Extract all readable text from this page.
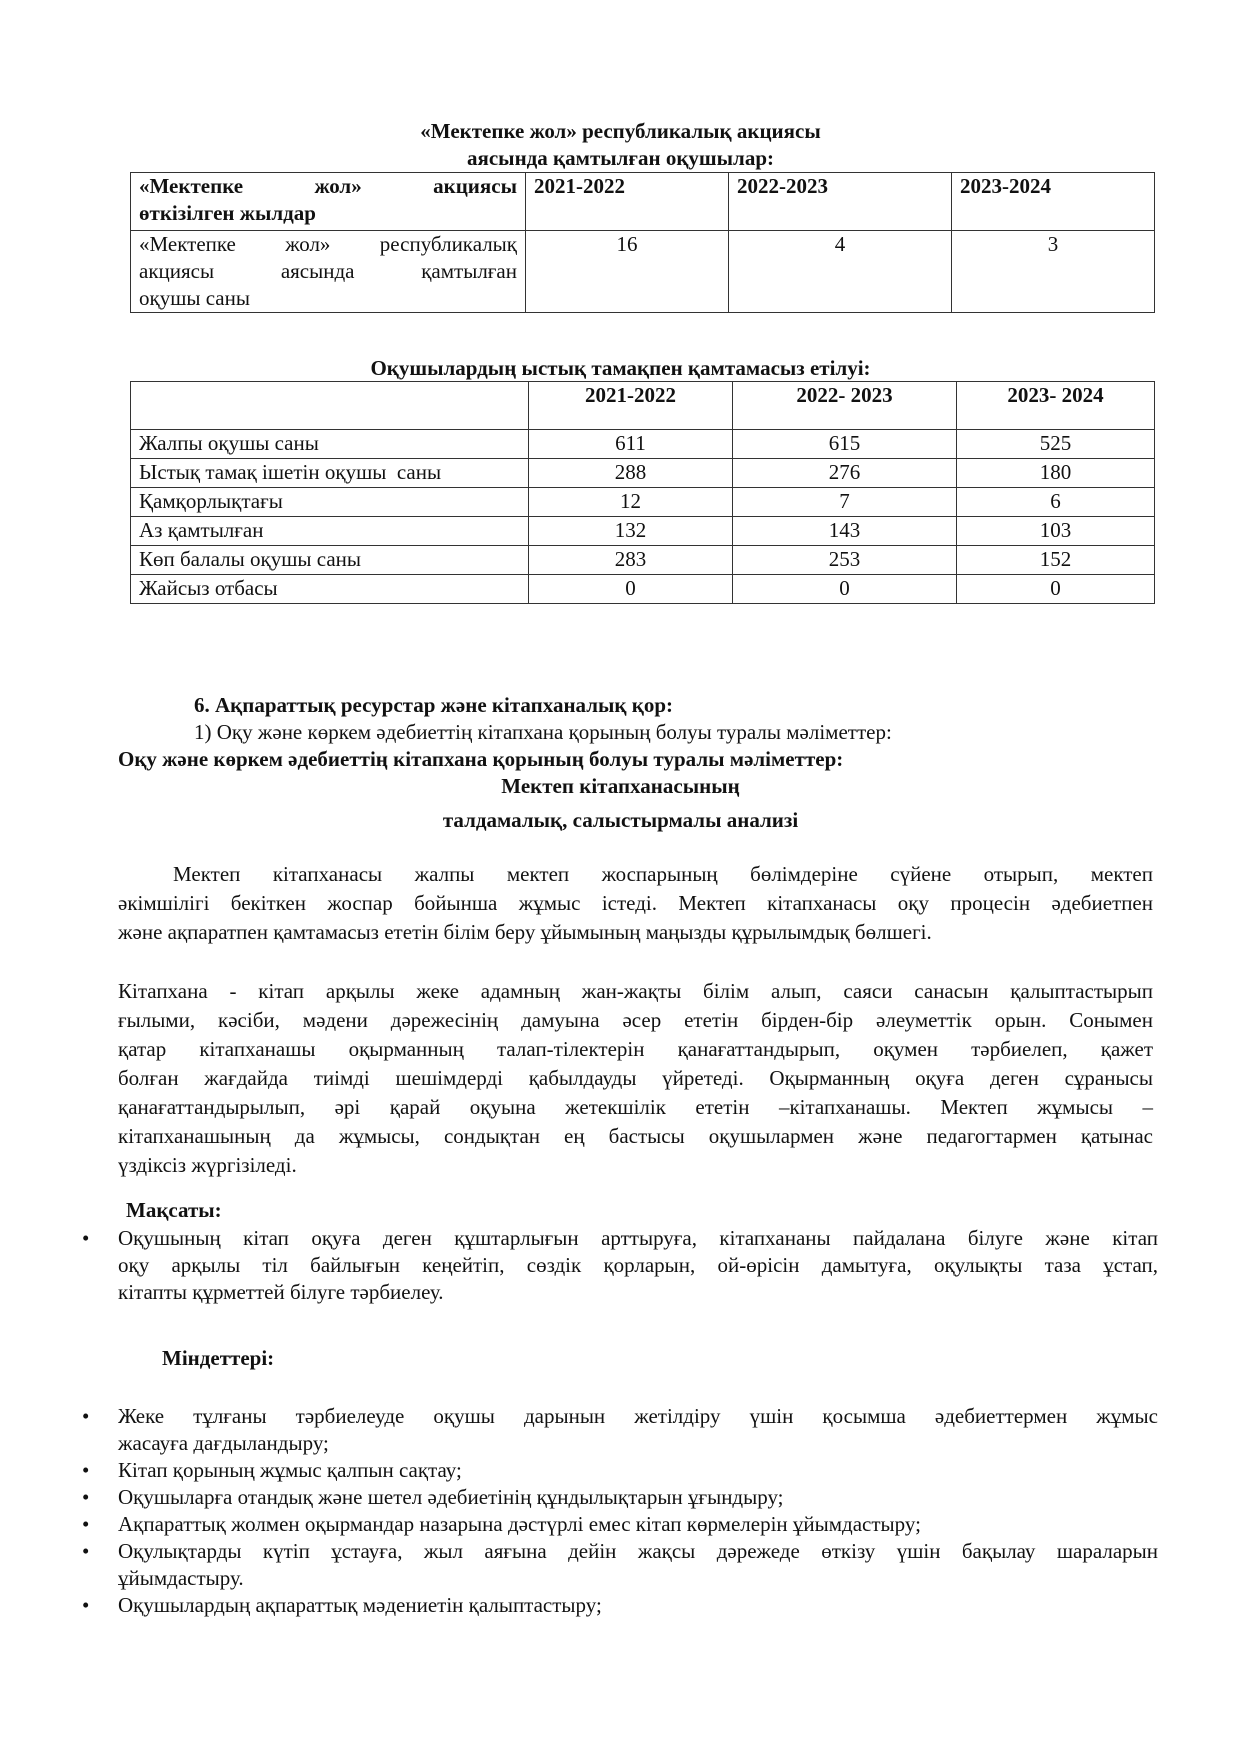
«Мектепке жол» республикалық акциясы
аясында қамтылған оқушылар:
«Мектепке жол» акциясы
өткізілген жылдар	2021-2022	2022-2023	2023-2024

«Мектепке жол» республикалық
акциясы аясында қамтылған
оқушы саны	16	4	3
Оқушылардың ыстық тамақпен қамтамасыз етілуі:
	2021-2022	2022- 2023	2023- 2024
Жалпы оқушы саны	611	615	525
Ыстық тамақ ішетін оқушы  саны	288	276	180
Қамқорлықтағы	12	7	6
Аз қамтылған	132	143	103
Көп балалы оқушы саны	283	253	152
Жайсыз отбасы	0	0	0
6. Ақпараттық ресурстар және кітапханалық қор:
1) Оқу және көркем әдебиеттің кітапхана қорының болуы туралы мәліметтер:
Оқу және көркем әдебиеттің кітапхана қорының болуы туралы мәліметтер:
Мектеп кітапханасының
талдамалық, салыстырмалы анализі
Мектеп кітапханасы жалпы мектеп жоспарының бөлімдеріне сүйене отырып, мектеп
әкімшілігі бекіткен жоспар бойынша жұмыс істеді. Мектеп кітапханасы оқу процесін әдебиетпен
және ақпаратпен қамтамасыз ететін білім беру ұйымының маңызды құрылымдық бөлшегі.
Кітапхана - кітап арқылы жеке адамның жан-жақты білім алып, саяси санасын қалыптастырып
ғылыми, кәсіби, мәдени дәрежесінің дамуына әсер ететін бірден-бір әлеуметтік орын. Сонымен
қатар кітапханашы оқырманның талап-тілектерін қанағаттандырып, оқумен тәрбиелеп, қажет
болған жағдайда тиімді шешімдерді қабылдауды үйретеді. Оқырманның оқуға деген сұранысы
қанағаттандырылып, әрі қарай оқуына жетекшілік ететін –кітапханашы. Мектеп жұмысы –
кітапханашының да жұмысы, сондықтан ең бастысы оқушылармен және педагогтармен қатынас
үздіксіз жүргізіледі.
Мақсаты:
• Оқушының кітап оқуға деген құштарлығын арттыруға, кітапхананы пайдалана білуге және кітап
оқу арқылы тіл байлығын кеңейтіп, сөздік қорларын, ой-өрісін дамытуға, оқулықты таза ұстап,
кітапты құрметтей білуге тәрбиелеу.
Міндеттері:
• Жеке тұлғаны тәрбиелеуде оқушы дарынын жетілдіру үшін қосымша әдебиеттермен жұмыс
жасауға дағдыландыру;
• Кітап қорының жұмыс қалпын сақтау;
• Оқушыларға отандық және шетел әдебиетінің құндылықтарын ұғындыру;
• Ақпараттық жолмен оқырмандар назарына дәстүрлі емес кітап көрмелерін ұйымдастыру;
• Оқулықтарды күтіп ұстауға, жыл аяғына дейін жақсы дәрежеде өткізу үшін бақылау шараларын
ұйымдастыру.
• Оқушылардың ақпараттық мәдениетін қалыптастыру;
